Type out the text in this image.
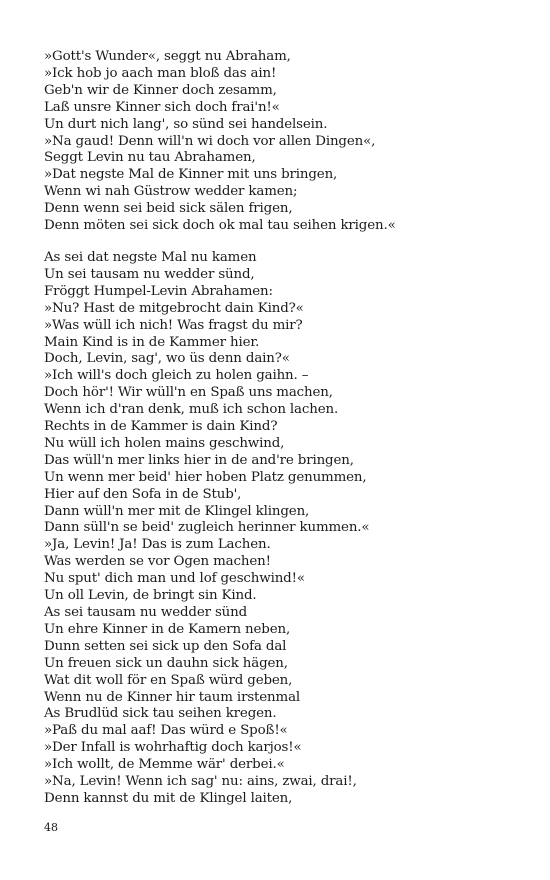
»Gott's Wunder«, seggt nu Abraham,
»Ick hob jo aach man bloß das ain!
Geb'n wir de Kinner doch zesamm,
Laß unsre Kinner sich doch frai'n!«
Un durt nich lang', so sünd sei handelsein.
»Na gaud! Denn will'n wi doch vor allen Dingen«,
Seggt Levin nu tau Abrahamen,
»Dat negste Mal de Kinner mit uns bringen,
Wenn wi nah Güstrow wedder kamen;
Denn wenn sei beid sick sälen frigen,
Denn möten sei sick doch ok mal tau seihen krigen.«
As sei dat negste Mal nu kamen
Un sei tausam nu wedder sünd,
Fröggt Humpel-Levin Abrahamen:
»Nu? Hast de mitgebrocht dain Kind?«
»Was wüll ich nich! Was fragst du mir?
Main Kind is in de Kammer hier.
Doch, Levin, sag', wo üs denn dain?«
»Ich will's doch gleich zu holen gaihn. –
Doch hör'! Wir wüll'n en Spaß uns machen,
Wenn ich d'ran denk, muß ich schon lachen.
Rechts in de Kammer is dain Kind?
Nu wüll ich holen mains geschwind,
Das wüll'n mer links hier in de and're bringen,
Un wenn mer beid' hier hoben Platz genummen,
Hier auf den Sofa in de Stub',
Dann wüll'n mer mit de Klingel klingen,
Dann süll'n se beid' zugleich herinner kummen.«
»Ja, Levin! Ja! Das is zum Lachen.
Was werden se vor Ogen machen!
Nu sput' dich man und lof geschwind!«
Un oll Levin, de bringt sin Kind.
As sei tausam nu wedder sünd
Un ehre Kinner in de Kamern neben,
Dunn setten sei sick up den Sofa dal
Un freuen sick un dauhn sick hägen,
Wat dit woll för en Spaß würd geben,
Wenn nu de Kinner hir taum irstenmal
As Brudlüd sick tau seihen kregen.
»Paß du mal aaf! Das würd e Spoß!«
»Der Infall is wohrhaftig doch karjos!«
»Ich wollt, de Memme wär' derbei.«
»Na, Levin! Wenn ich sag' nu: ains, zwai, drai!,
Denn kannst du mit de Klingel laiten,
48
